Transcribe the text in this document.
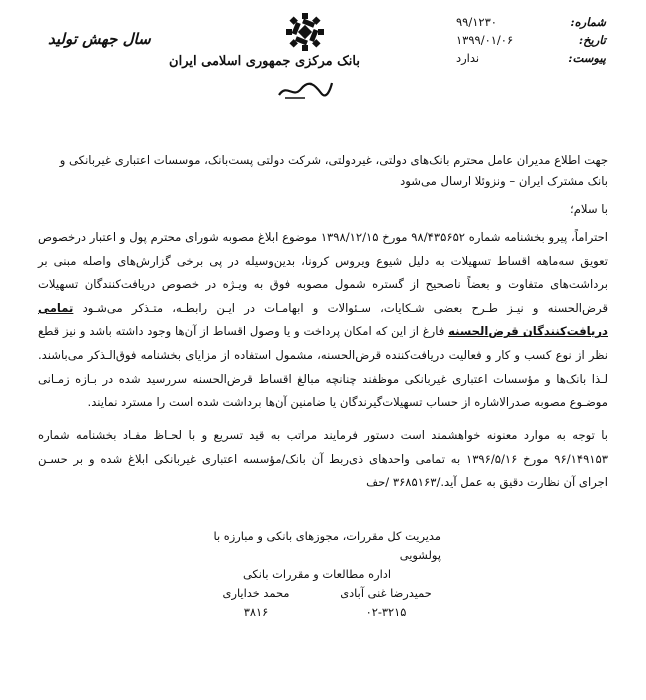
شماره:
۹۹/۱۲۳۰
تاریخ:
۱۳۹۹/۰۱/۰۶
پیوست:
ندارد
بانک مرکزی جمهوری اسلامی ایران
سال جهش تولید
جهت اطلاع مدیران عامل محترم بانک‌های دولتی، غیردولتی، شرکت دولتی پست‌بانک، موسسات اعتباری غیربانکی و بانک مشترک ایران – ونزوئلا ارسال می‌شود
با سلام؛
احتراماً، پیرو بخشنامه شماره ۹۸/۴۳۵۶۵۲ مورخ ۱۳۹۸/۱۲/۱۵ موضوع ابلاغ مصوبه شورای محترم پول و اعتبار درخصوص تعویق سه‌ماهه اقساط تسهیلات به دلیل شیوع ویروس کرونا، بدین‌وسیله در پی برخی گزارش‌های واصله مبنی بر برداشت‌های متفاوت و بعضاً ناصحیح از گستره شمول مصوبه فوق به ویـژه در خصوص دریافت‌کنندگان تسهیلات قرض‌الحسنه و نیـز طـرح بعضی شـکایات، سـئوالات و ابهامـات در ایـن رابطـه، متـذکر می‌شـود تمامی دریافت‌کنندگان قرض‌الحسنه فارغ از این که امکان پرداخت و یا وصول اقساط از آن‌ها وجود داشته باشد و نیز قطع نظر از نوع کسب و کار و فعالیت دریافت‌کننده قرض‌الحسنه، مشمول استفاده از مزایای بخشنامه فوق‌الـذکر می‌باشند. لـذا بانک‌ها و مؤسسات اعتباری غیربانکی موظفند چنانچه مبالغ اقساط قرض‌الحسنه سررسید شده در بـازه زمـانی موضـوع مصوبه صدرالاشاره از حساب تسهیلات‌گیرندگان یا ضامنین آن‌ها برداشت شده است را مسترد نمایند.
با توجه به موارد معنونه خواهشمند است دستور فرمایند مراتب به قید تسریع و با لحـاظ مفـاد بخشنامه شماره ۹۶/۱۴۹۱۵۳ مورخ ۱۳۹۶/۵/۱۶ به تمامی واحدهای ذی‌ربط آن بانک/مؤسسه اعتباری غیربانکی ابلاغ شده و بر حسـن اجرای آن نظارت دقیق به عمل آید./۳۶۸۵۱۶۳ /حف
مدیریت کل مقررات، مجوزهای بانکی و مبارزه با پولشویی
اداره مطالعات و مقررات بانکی
حمیدرضا غنی آبادی
۰۲-۳۲۱۵
محمد خدایاری
۳۸۱۶
